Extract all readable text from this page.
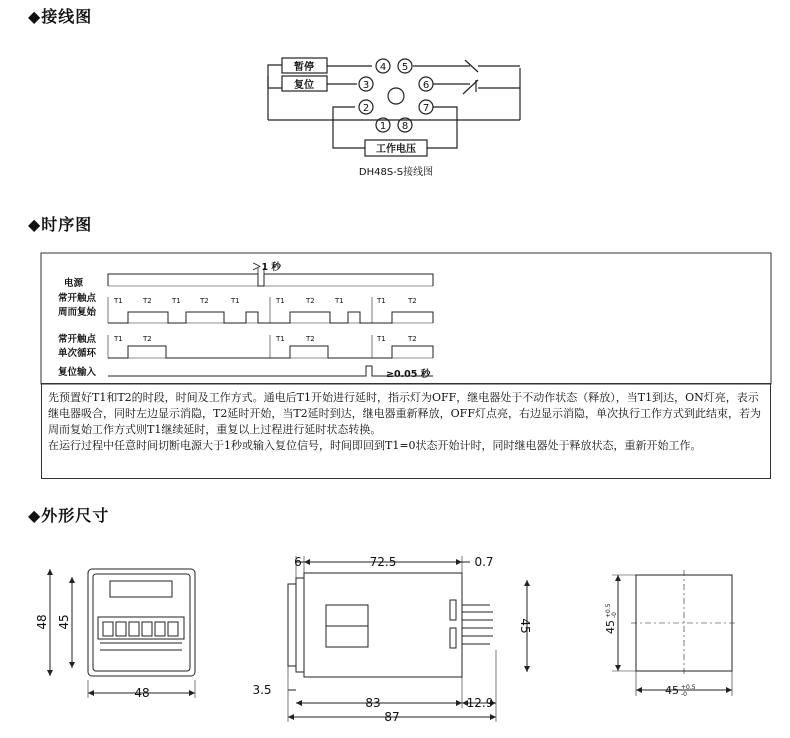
◆接线图
◆时序图
◆外形尺寸
暂停
复位
工作电压
4 5
3	6
2	7
1 8
DH48S-S接线图
电源
常开触点
周而复始
常开触点
单次循环
复位输入
＞1 秒
≥0.05 秒
T1	T2	T1	T2	T1	T1	T2	T1	T1	T2
T1	T2	T1	T2	T1	T2
48 45
48
6	72.5	0.7
45
3.5
83	12.9
87
45
+0.5 -0
45 +0.5
-0

先预置好T1和T2的时段，时间及工作方式。通电后T1开始进行延时，指示灯为OFF，继电器处于不动作状态（释放），当T1到达，ON灯亮，表示继电器吸合，同时左边显示消隐，T2延时开始，当T2延时到达，继电器重新释放，OFF灯点亮，右边显示消隐，单次执行工作方式到此结束，若为周而复始工作方式则T1继续延时，重复以上过程进行延时状态转换。

在运行过程中任意时间切断电源大于1秒或输入复位信号，时间即回到T1=0状态开始计时，同时继电器处于释放状态，重新开始工作。
